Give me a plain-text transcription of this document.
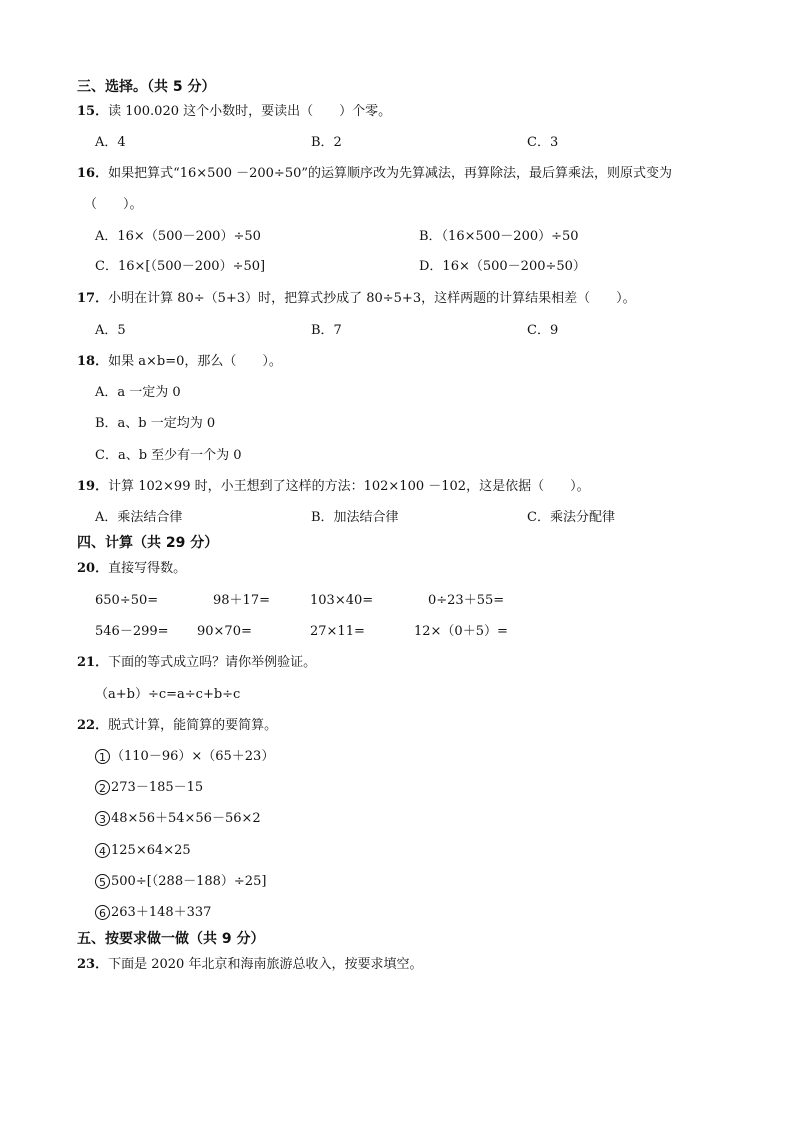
三、选择。（共 5 分）
15．读 100.020 这个小数时，要读出（　　）个零。
A．4	B．2	C．3
16．如果把算式“16×500 －200÷50”的运算顺序改为先算减法，再算除法，最后算乘法，则原式变为
（　　）。
A．16×（500－200）÷50	B．（16×500－200）÷50
C．16×[（500－200）÷50]	D．16×（500－200÷50）
17．小明在计算 80÷（5+3）时，把算式抄成了 80÷5+3，这样两题的计算结果相差（　　）。
A．5	B．7	C．9
18．如果 a×b=0，那么（　　）。
A．a 一定为 0
B．a、b 一定均为 0
C．a、b 至少有一个为 0
19．计算 102×99 时，小王想到了这样的方法：102×100 －102，这是依据（　　）。
A．乘法结合律	B．加法结合律	C．乘法分配律
四、计算（共 29 分）
20．直接写得数。
650÷50=	98＋17=	103×40=	0÷23＋55=
546－299= 90×70=	27×11=	12×（0＋5）=
21．下面的等式成立吗？请你举例验证。
（a+b）÷c=a÷c+b÷c
22．脱式计算，能简算的要简算。
1 （110－96）×（65＋23）
2 273－185－15
3 48×56＋54×56－56×2
4 125×64×25
5 500÷[（288－188）÷25]
6 263＋148＋337
五、按要求做一做（共 9 分）
23．下面是 2020 年北京和海南旅游总收入，按要求填空。
